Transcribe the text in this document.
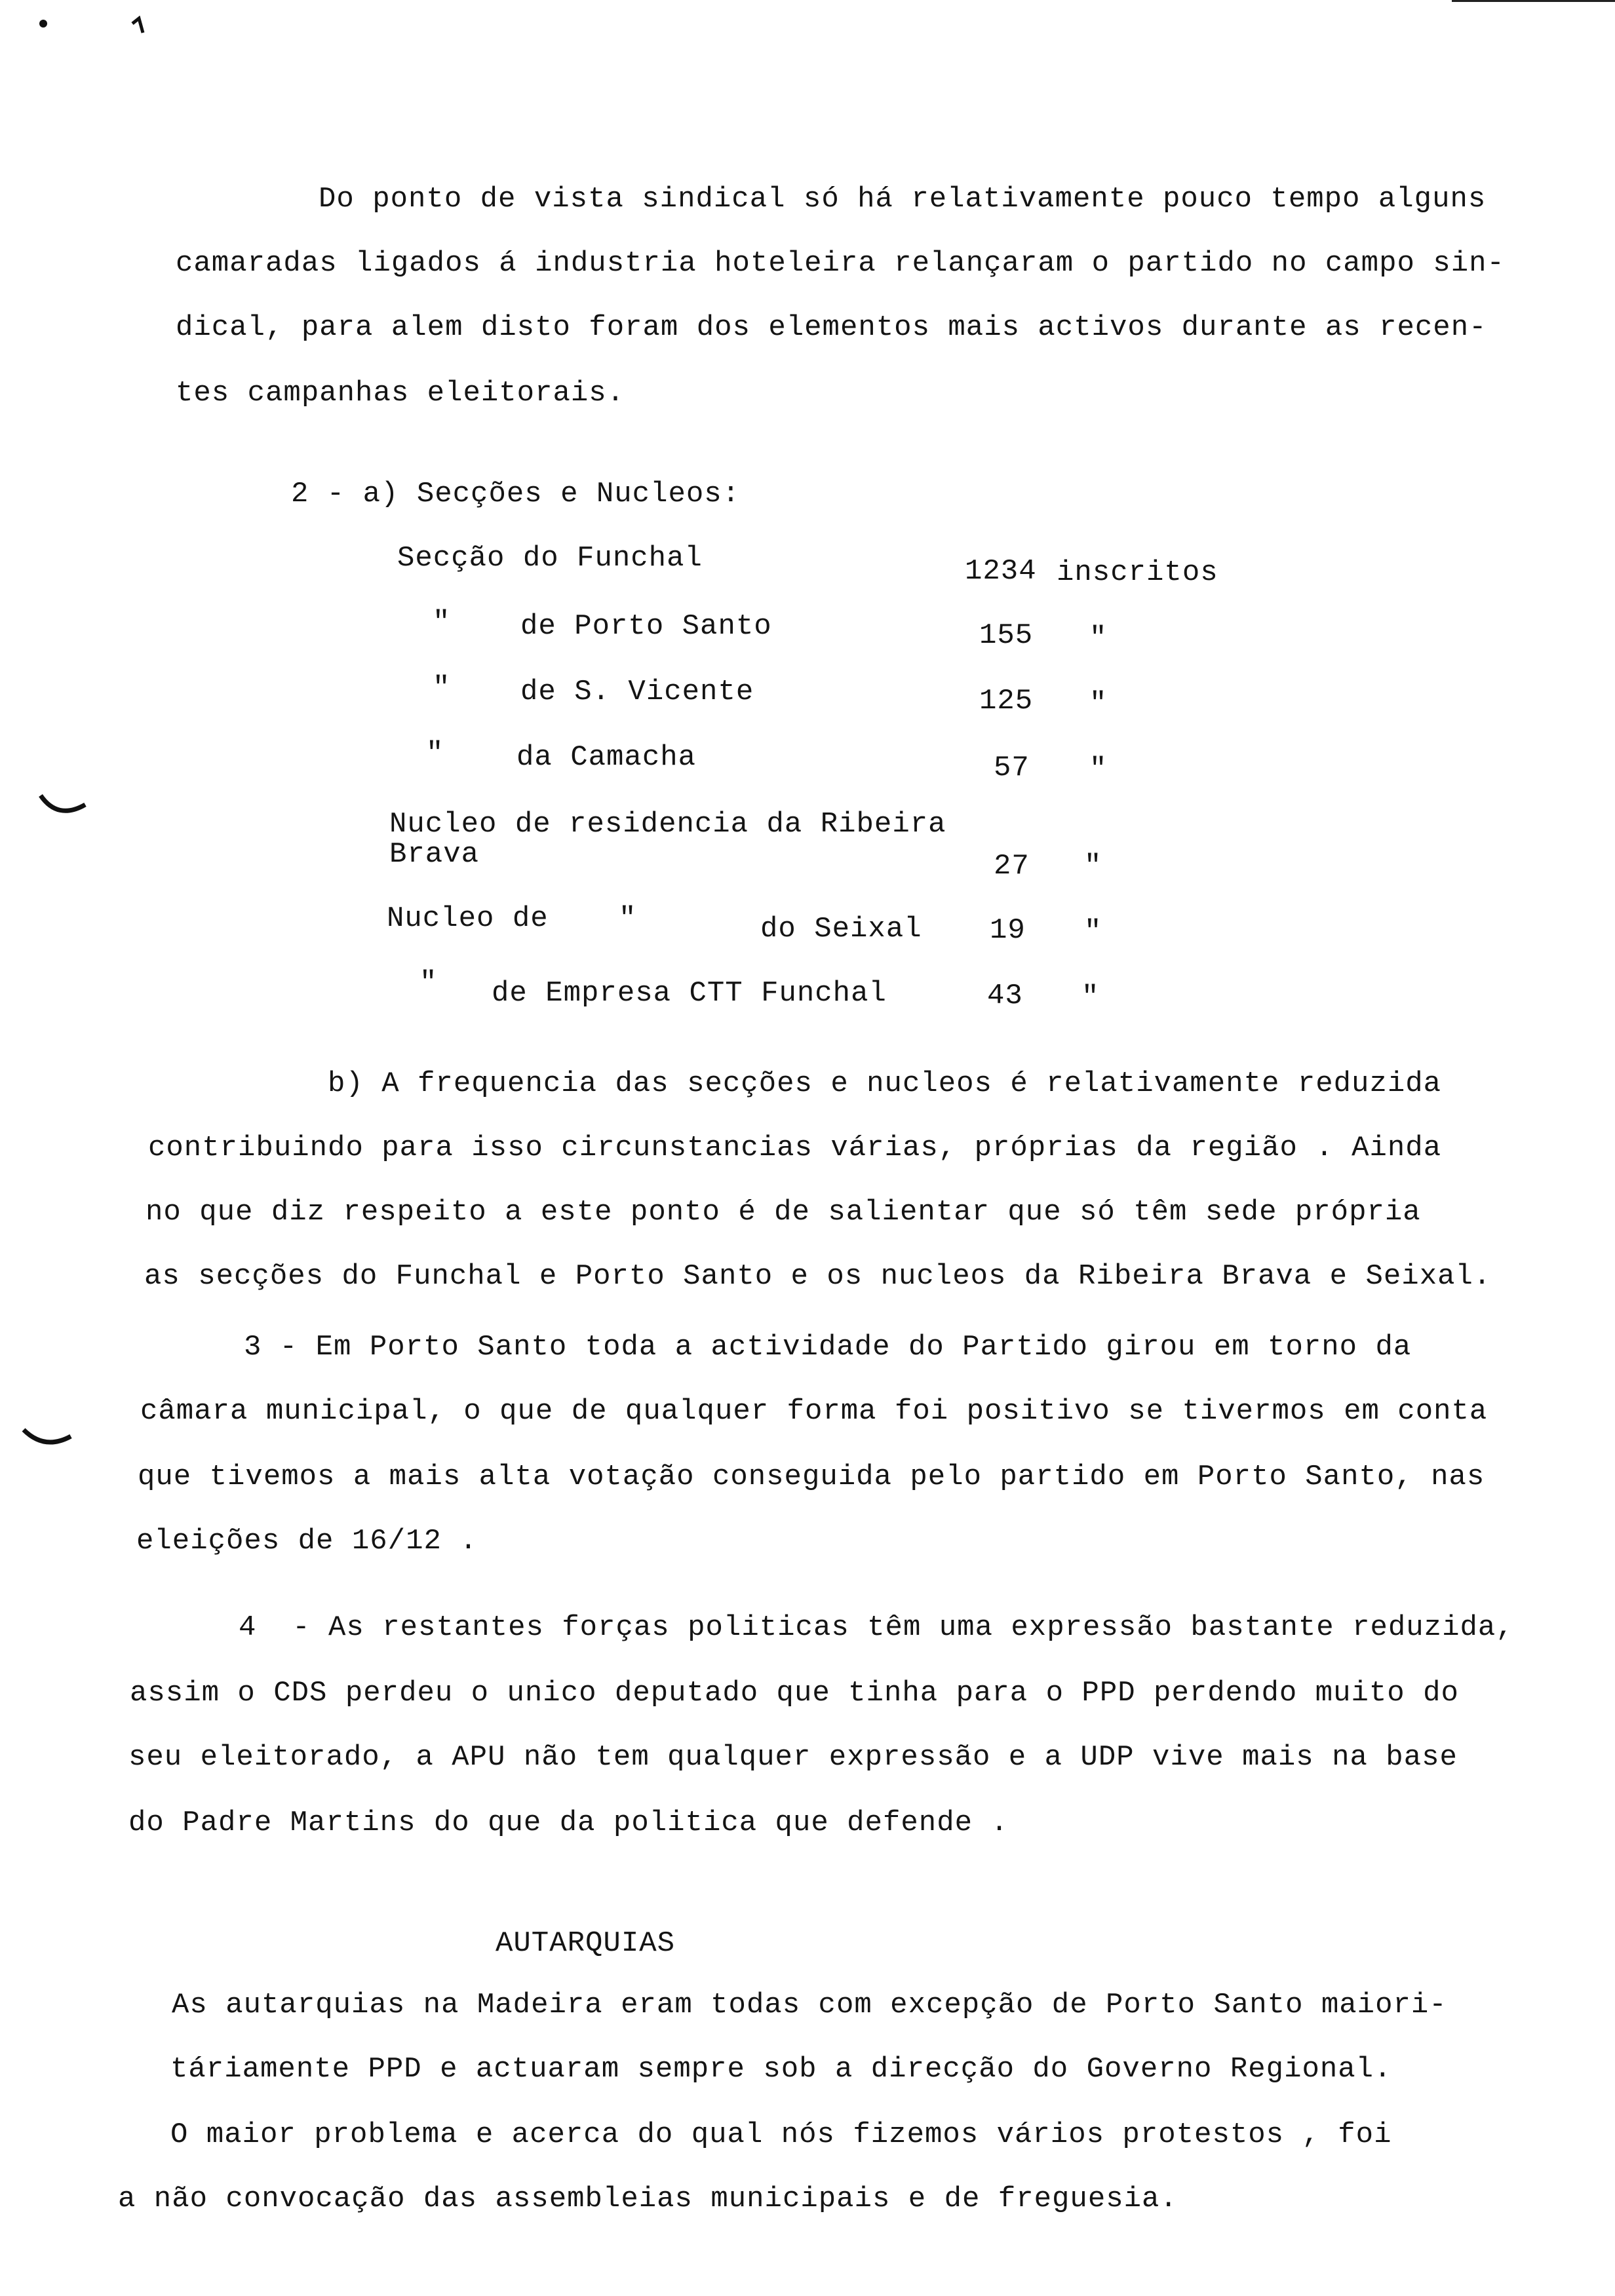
Do ponto de vista sindical só há relativamente pouco tempo alguns
camaradas ligados á industria hoteleira relançaram o partido no campo sin-
dical, para alem disto foram dos elementos mais activos durante as recen-
tes campanhas eleitorais.
2 - a) Secções e Nucleos:
Secção do Funchal	1234 inscritos
" de Porto Santo	155 "
" de S. Vicente	125 "
"	da Camacha	57 "
Nucleo de residencia da Ribeira
Brava	27 "
Nucleo de "	do Seixal 19 "
" de Empresa CTT Funchal	43 "
b) A frequencia das secções e nucleos é relativamente reduzida
contribuindo para isso circunstancias várias, próprias da região . Ainda
no que diz respeito a este ponto é de salientar que só têm sede própria
as secções do Funchal e Porto Santo e os nucleos da Ribeira Brava e Seixal.
3 - Em Porto Santo toda a actividade do Partido girou em torno da
câmara municipal, o que de qualquer forma foi positivo se tivermos em conta
que tivemos a mais alta votação conseguida pelo partido em Porto Santo, nas
eleições de 16/12 .
4  - As restantes forças politicas têm uma expressão bastante reduzida,
assim o CDS perdeu o unico deputado que tinha para o PPD perdendo muito do
seu eleitorado, a APU não tem qualquer expressão e a UDP vive mais na base
do Padre Martins do que da politica que defende .
AUTARQUIAS
As autarquias na Madeira eram todas com excepção de Porto Santo maiori-
táriamente PPD e actuaram sempre sob a direcção do Governo Regional.
O maior problema e acerca do qual nós fizemos vários protestos , foi
a não convocação das assembleias municipais e de freguesia.
